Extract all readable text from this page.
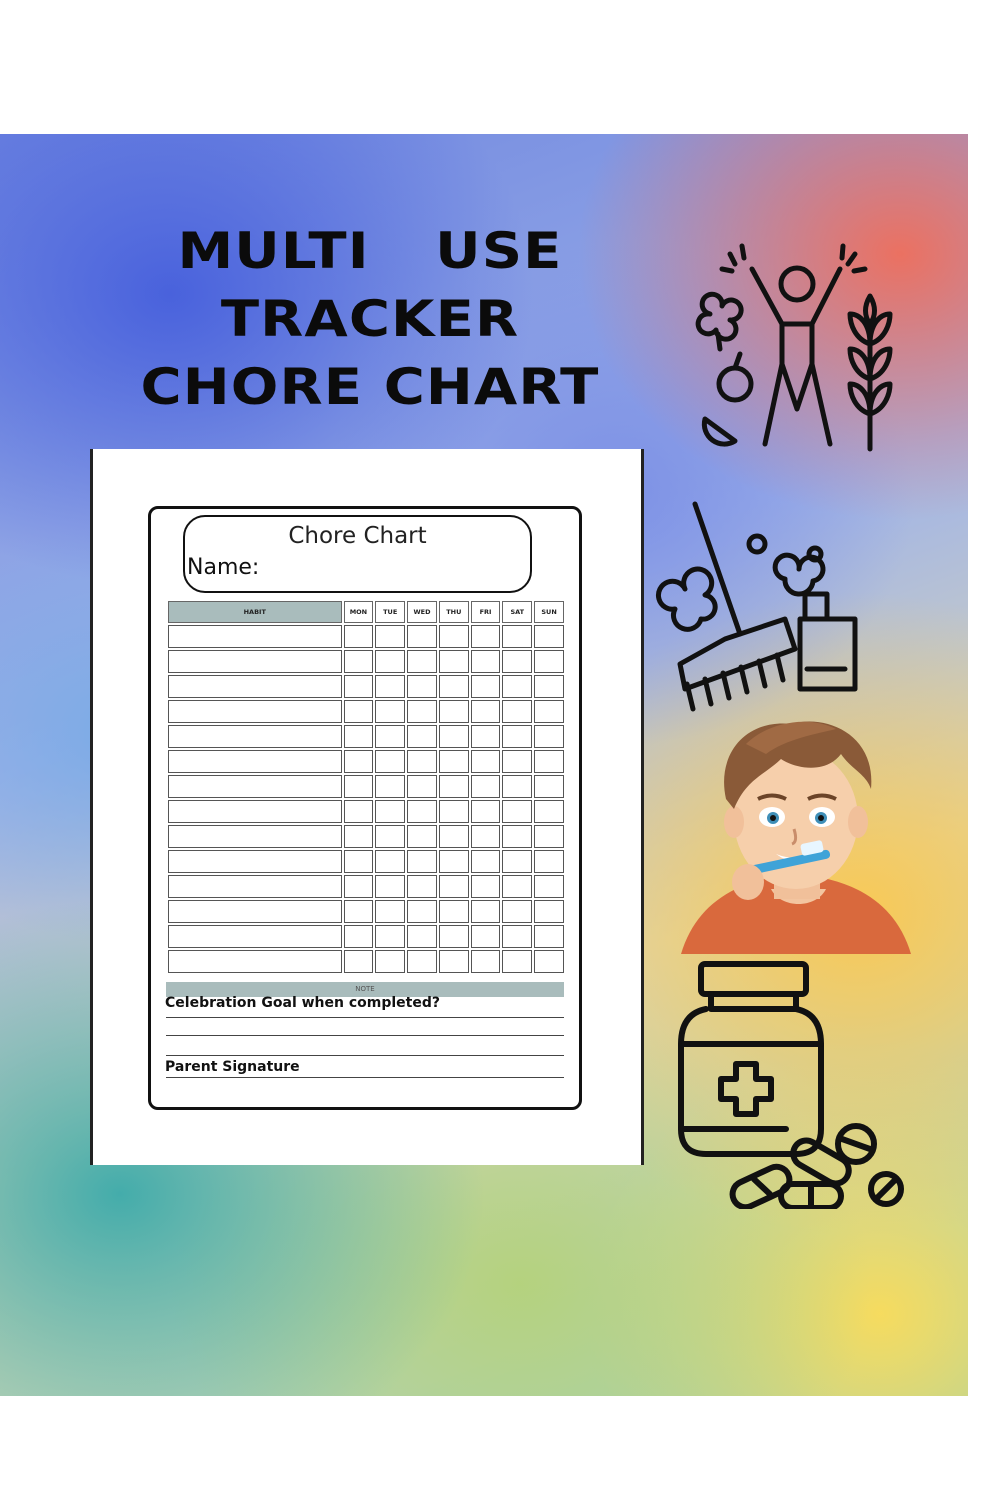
MULTI USE
TRACKER
CHORE CHART
Chore Chart
Name:
HABIT	MON	TUE	WED	THU	FRI	SAT	SUN

NOTE
Celebration Goal when completed?
Parent Signature
